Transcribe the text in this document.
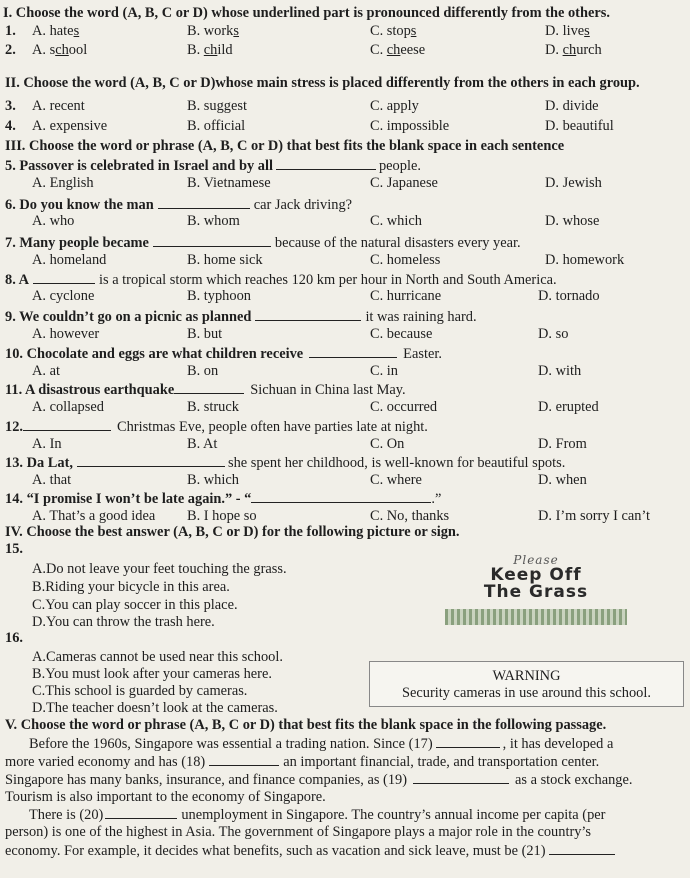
I. Choose the word (A, B, C or D) whose underlined part is pronounced differently from the others.
1. A. hates	B. works	C. stops	D. lives
2. A. school	B. child	C. cheese	D. church
II. Choose the word (A, B, C or D)whose main stress is placed differently from the others in each group.
3. A. recent	B. suggest	C. apply	D. divide
4. A. expensive	B. official	C. impossible	D. beautiful
III. Choose the word or phrase (A, B, C or D) that best fits the blank space in each sentence
5. Passover is celebrated in Israel and by all	people.
A. English	B. Vietnamese	C. Japanese	D. Jewish
6. Do you know the man	car Jack driving?
A. who	B. whom	C. which	D. whose
7. Many people became	because of the natural disasters every year.
A. homeland	B. home sick	C. homeless	D. homework
8. A	is a tropical storm which reaches 120 km per hour in North and South America.
A. cyclone	B. typhoon	C. hurricane	D. tornado
9. We couldn’t go on a picnic as planned	it was raining hard.
A. however	B. but	C. because	D. so
10. Chocolate and eggs are what children receive	Easter.
A. at	B. on	C. in	D. with
11. A disastrous earthquake	Sichuan in China last May.
A. collapsed	B. struck	C. occurred	D. erupted
12.	Christmas Eve, people often have parties late at night.
A. In	B. At	C. On	D. From
13. Da Lat,	she spent her childhood, is well-known for beautiful spots.
A. that	B. which	C. where	D. when
14. “I promise I won’t be late again.” - “	.”
A. That’s a good idea B. I hope so	C. No, thanks	D. I’m sorry I can’t
IV. Choose the best answer (A, B, C or D) for the following picture or sign.
15.
A.Do not leave your feet touching the grass.
B.Riding your bicycle in this area.
C.You can play soccer in this place.
D.You can throw the trash here.
Please
Keep Off
The Grass
16.
A.Cameras cannot be used near this school.
B.You must look after your cameras here.
C.This school is guarded by cameras.
D.The teacher doesn’t look at the cameras.
WARNING
Security cameras in use around this school.
V. Choose the word or phrase (A, B, C or D) that best fits the blank space in the following passage.
Before the 1960s, Singapore was essential a trading nation. Since (17)	, it has developed a
more varied economy and has (18)	an important financial, trade, and transportation center.
Singapore has many banks, insurance, and finance companies, as (19)	as a stock exchange.
Tourism is also important to the economy of Singapore.
There is (20)	unemployment in Singapore. The country’s annual income per capita (per
person) is one of the highest in Asia. The government of Singapore plays a major role in the country’s
economy. For example, it decides what benefits, such as vacation and sick leave, must be (21)
